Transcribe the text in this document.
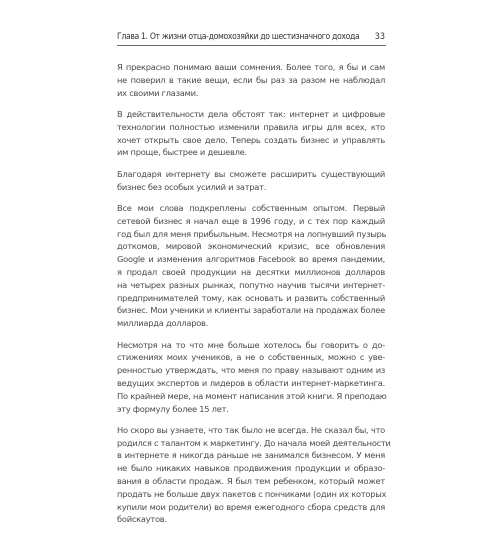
Глава 1. От жизни отца-домохозяйки до шестизначного дохода 33
Я прекрасно понимаю ваши сомнения. Более того, я бы и сам
не поверил в такие вещи, если бы раз за разом не наблюдал
их своими глазами.
В действительности дела обстоят так: интернет и цифровые
технологии полностью изменили правила игры для всех, кто
хочет открыть свое дело. Теперь создать бизнес и управлять
им проще, быстрее и дешевле.
Благодаря интернету вы сможете расширить существующий
бизнес без особых усилий и затрат.
Все мои слова подкреплены собственным опытом. Первый
сетевой бизнес я начал еще в 1996 году, и с тех пор каждый
год был для меня прибыльным. Несмотря на лопнувший пузырь
доткомов, мировой экономический кризис, все обновления
Google и изменения алгоритмов Facebook во время пандемии,
я продал своей продукции на десятки миллионов долларов
на четырех разных рынках, попутно научив тысячи интернет-
предпринимателей тому, как основать и развить собственный
бизнес. Мои ученики и клиенты заработали на продажах более
миллиарда долларов.
Несмотря на то что мне больше хотелось бы говорить о до-
стижениях моих учеников, а не о собственных, можно с уве-
ренностью утверждать, что меня по праву называют одним из
ведущих экспертов и лидеров в области интернет-маркетинга.
По крайней мере, на момент написания этой книги. Я преподаю
эту формулу более 15 лет.
Но скоро вы узнаете, что так было не всегда. Не сказал бы, что
родился с талантом к маркетингу. До начала моей деятельности
в интернете я никогда раньше не занимался бизнесом. У меня
не было никаких навыков продвижения продукции и образо-
вания в области продаж. Я был тем ребенком, который может
продать не больше двух пакетов с пончиками (один их которых
купили мои родители) во время ежегодного сбора средств для
бойскаутов.
